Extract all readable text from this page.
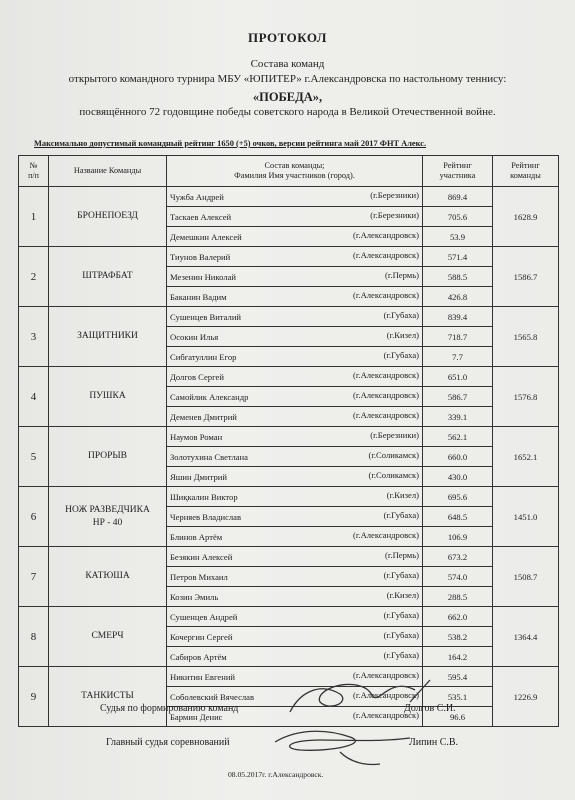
ПРОТОКОЛ
Состава команд
открытого командного турнира МБУ «ЮПИТЕР» г.Александровска по настольному теннису:
«ПОБЕДА»,
посвящённого 72 годовщине победы советского народа в Великой Отечественной войне.
Максимально допустимый командный рейтинг 1650 (+5) очков, версии рейтинга май 2017 ФНТ Алекс.
№
п/п	Название Команды	Состав команды;
Фамилия Имя участников (город).	Рейтинг участника	Рейтинг команды
1	БРОНЕПОЕЗД	Чужба Андрей (г.Березники)	869.4	1628.9
		Таскаев Алексей (г.Березники)	705.6	
		Демешкин Алексей (г.Александровск)	53.9	
2	ШТРАФБАТ	Тиунов Валерий (г.Александровск)	571.4	1586.7
		Мезенин Николай (г.Пермь)	588.5	
		Баканин Вадим (г.Александровск)	426.8	
3	ЗАЩИТНИКИ	Сушенцев Виталий (г.Губаха)	839.4	1565.8
		Осокин Илья (г.Кизел)	718.7	
		Сибгатуллин Егор (г.Губаха)	7.7	
4	ПУШКА	Долгов Сергей (г.Александровск)	651.0	1576.8
		Самойлик Александр (г.Александровск)	586.7	
		Деменев Дмитрий (г.Александровск)	339.1	
5	ПРОРЫВ	Наумов Роман (г.Березники)	562.1	1652.1
		Золотухина Светлана (г.Соликамск)	660.0	
		Яшин Дмитрий (г.Соликамск)	430.0	
6	НОЖ РАЗВЕДЧИКА
НР - 40	Шиқкалин Виктор (г.Кизел)	695.6	1451.0
		Черняев Владислав (г.Губаха)	648.5	
		Блинов Артём (г.Александровск)	106.9	
7	КАТЮША	Безякин Алексей (г.Пермь)	673.2	1508.7
		Петров Михаил (г.Губаха)	574.0	
		Козин Эмиль (г.Кизел)	288.5	
8	СМЕРЧ	Сушенцев Андрей (г.Губаха)	662.0	1364.4
		Кочергин Сергей (г.Губаха)	538.2	
		Сабиров Артём (г.Губаха)	164.2	
9	ТАНКИСТЫ	Никитин Евгений (г.Александровск)	595.4	1226.9
		Соболевский Вячеслав (г.Александровск)	535.1	
		Бармин Денис (г.Александровск)	96.6	
Судья по формированию команд	Долгов С.И.
Главный судья соревнований	Липин С.В.
08.05.2017г. г.Александровск.
